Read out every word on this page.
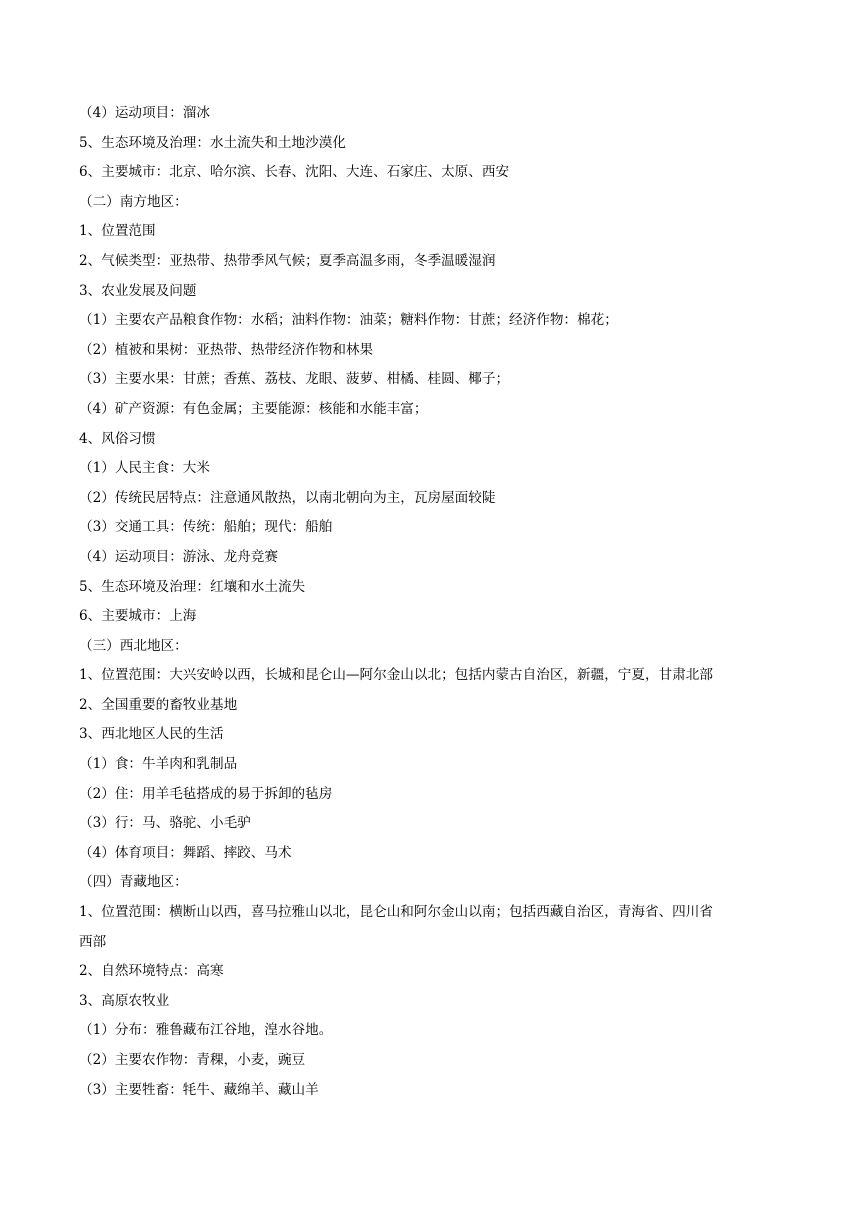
（4）运动项目：溜冰
5、生态环境及治理：水土流失和土地沙漠化
6、主要城市：北京、哈尔滨、长春、沈阳、大连、石家庄、太原、西安
（二）南方地区：
1、位置范围
2、气候类型：亚热带、热带季风气候；夏季高温多雨，冬季温暖湿润
3、农业发展及问题
（1）主要农产品粮食作物：水稻；油料作物：油菜；糖料作物：甘蔗；经济作物：棉花；
（2）植被和果树：亚热带、热带经济作物和林果
（3）主要水果：甘蔗；香蕉、荔枝、龙眼、菠萝、柑橘、桂圆、椰子；
（4）矿产资源：有色金属；主要能源：核能和水能丰富；
4、风俗习惯
（1）人民主食：大米
（2）传统民居特点：注意通风散热，以南北朝向为主，瓦房屋面较陡
（3）交通工具：传统：船舶；现代：船舶
（4）运动项目：游泳、龙舟竞赛
5、生态环境及治理：红壤和水土流失
6、主要城市：上海
（三）西北地区：
1、位置范围：大兴安岭以西，长城和昆仑山—阿尔金山以北；包括内蒙古自治区，新疆，宁夏，甘肃北部
2、全国重要的畜牧业基地
3、西北地区人民的生活
（1）食：牛羊肉和乳制品
（2）住：用羊毛毡搭成的易于拆卸的毡房
（3）行：马、骆驼、小毛驴
（4）体育项目：舞蹈、摔跤、马术
（四）青藏地区：
1、位置范围：横断山以西，喜马拉雅山以北，昆仑山和阿尔金山以南；包括西藏自治区，青海省、四川省
西部
2、自然环境特点：高寒
3、高原农牧业
（1）分布：雅鲁藏布江谷地，湟水谷地。
（2）主要农作物：青稞，小麦，豌豆
（3）主要牲畜：牦牛、藏绵羊、藏山羊
